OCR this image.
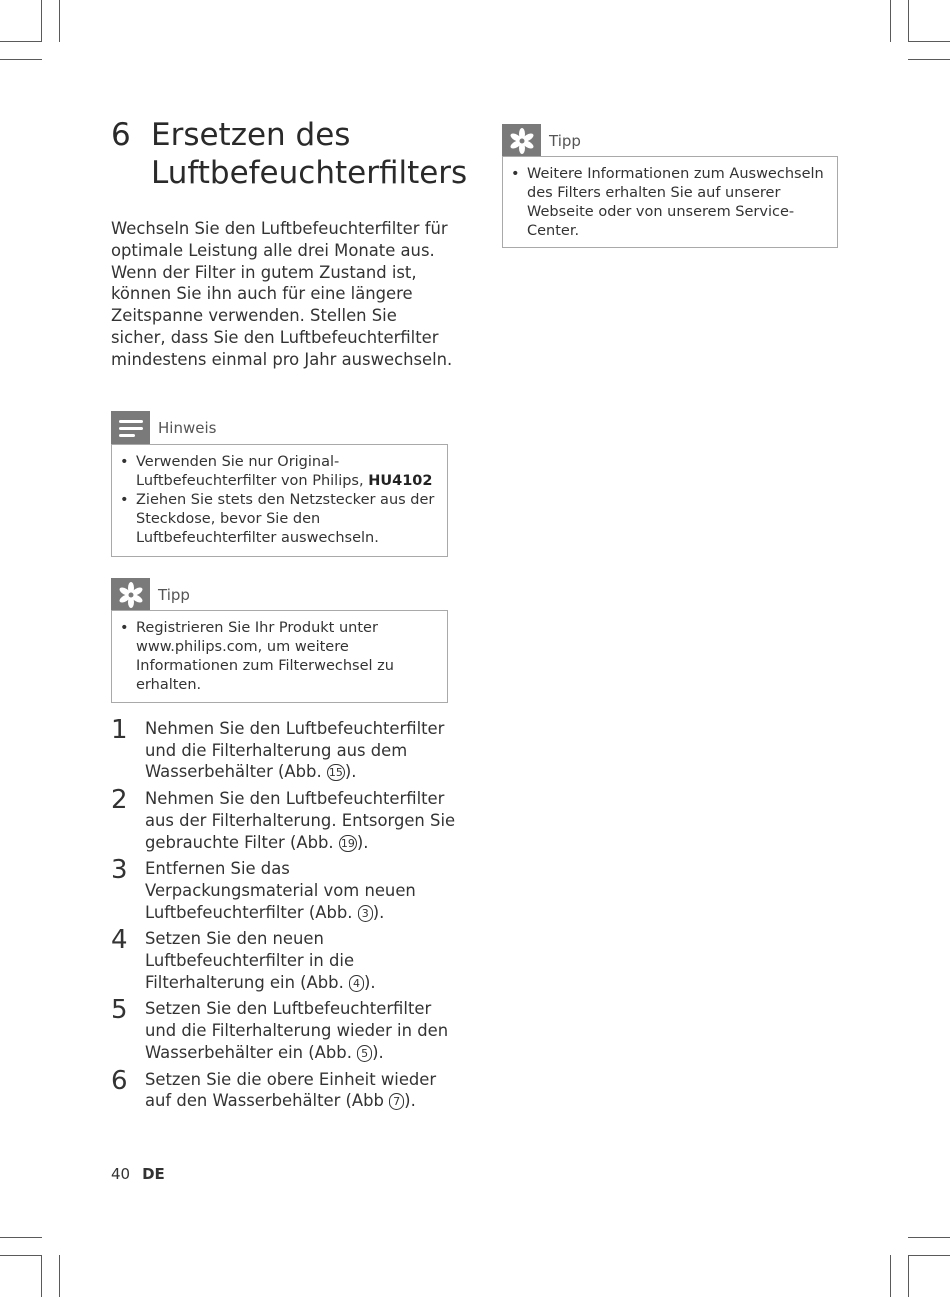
6 Ersetzen des Luftbefeuchterfilters

Wechseln Sie den Luftbefeuchterfilter für optimale Leistung alle drei Monate aus. Wenn der Filter in gutem Zustand ist, können Sie ihn auch für eine längere Zeitspanne verwenden. Stellen Sie sicher, dass Sie den Luftbefeuchterfilter mindestens einmal pro Jahr auswechseln.

Hinweis
• Verwenden Sie nur Original-Luftbefeuchterfilter von Philips, HU4102
• Ziehen Sie stets den Netzstecker aus der Steckdose, bevor Sie den Luftbefeuchterfilter auswechseln.
Tipp
• Registrieren Sie Ihr Produkt unter www.philips.com, um weitere Informationen zum Filterwechsel zu erhalten.
Tipp
• Weitere Informationen zum Auswechseln des Filters erhalten Sie auf unserer Webseite oder von unserem Service-Center.
1 Nehmen Sie den Luftbefeuchterfilter und die Filterhalterung aus dem Wasserbehälter (Abb. 15 ).
2 Nehmen Sie den Luftbefeuchterfilter aus der Filterhalterung. Entsorgen Sie gebrauchte Filter (Abb. 19 ).
3 Entfernen Sie das Verpackungsmaterial vom neuen Luftbefeuchterfilter (Abb. 3 ).
4 Setzen Sie den neuen Luftbefeuchterfilter in die Filterhalterung ein (Abb. 4 ).
5 Setzen Sie den Luftbefeuchterfilter und die Filterhalterung wieder in den Wasserbehälter ein (Abb. 5 ).
6 Setzen Sie die obere Einheit wieder auf den Wasserbehälter (Abb 7 ).
40 DE
